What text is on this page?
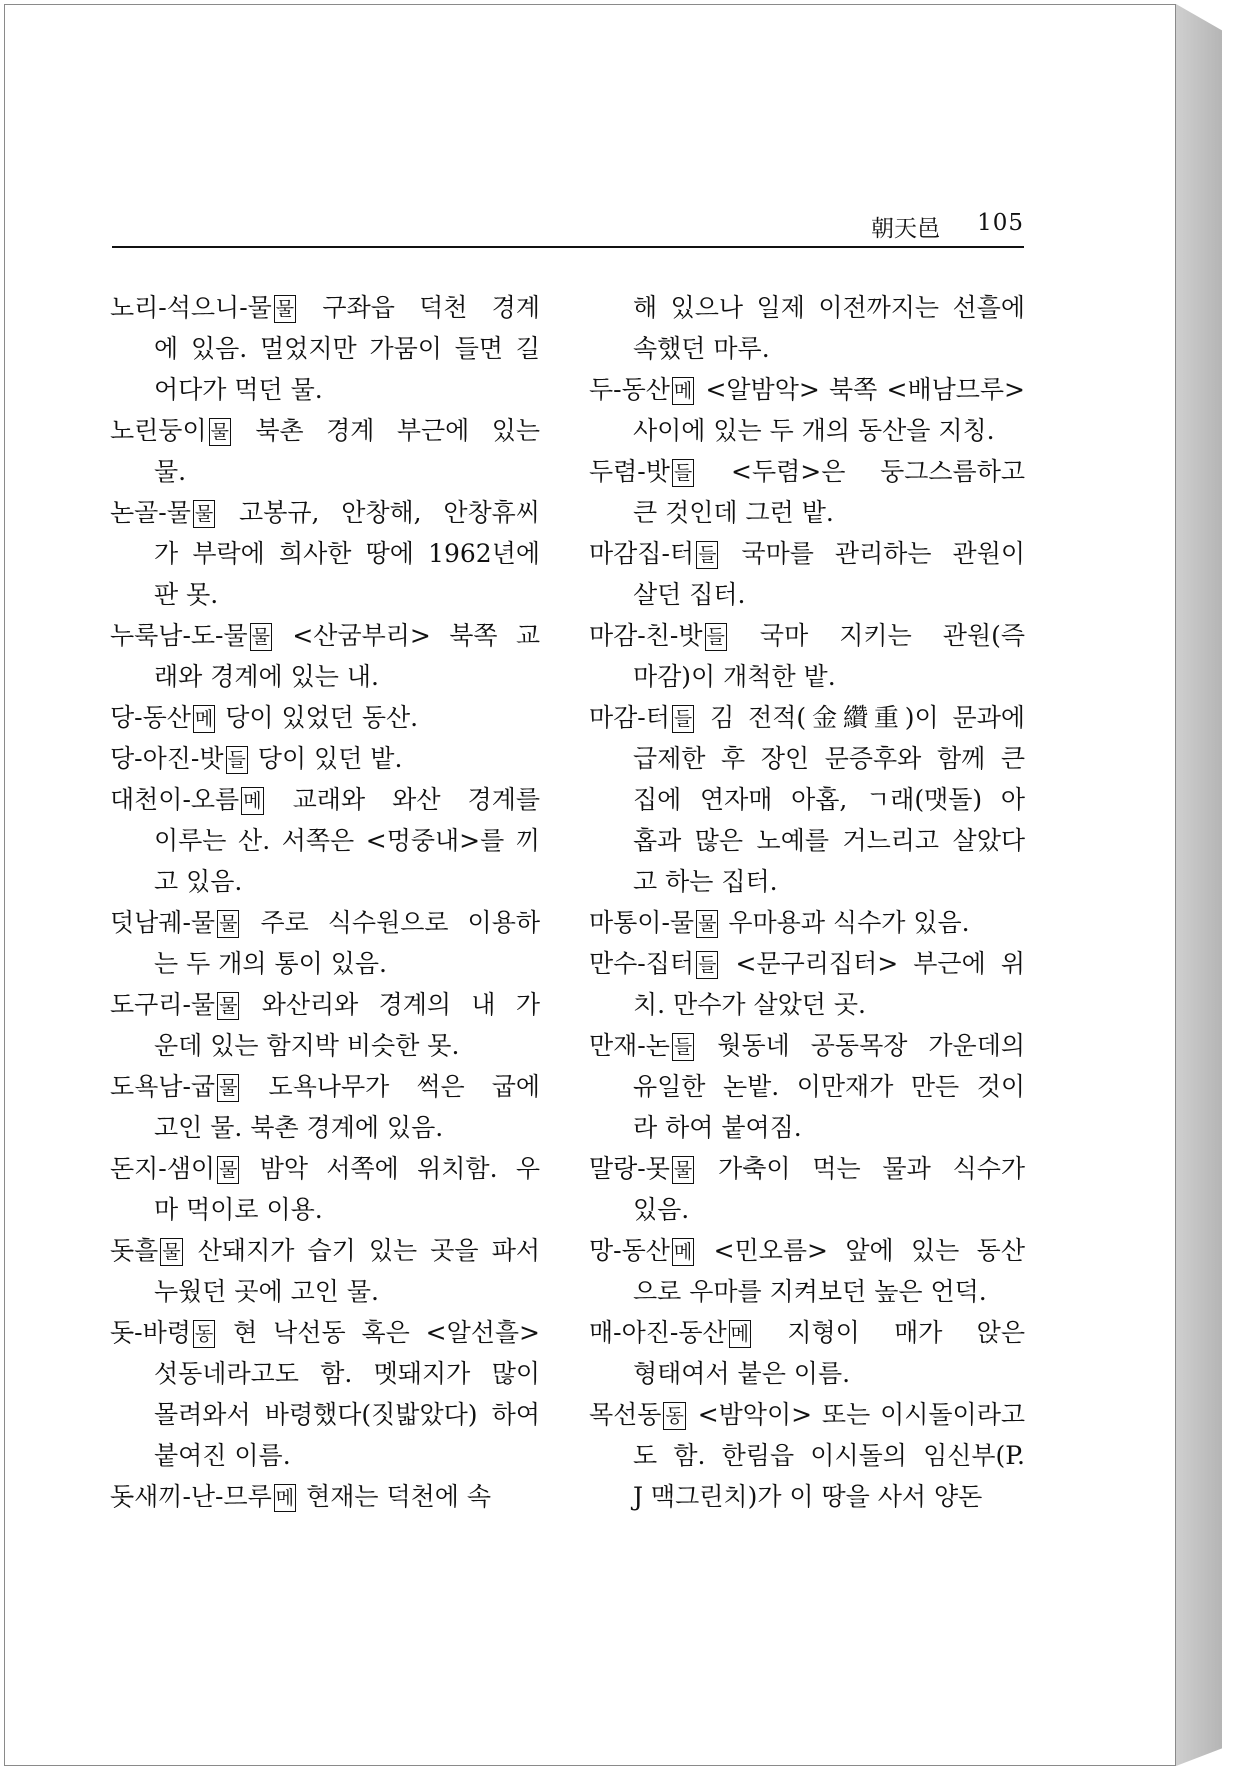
朝天邑 105
노리-석으니-물 물 구좌읍 덕천 경계
에 있음. 멀었지만 가뭄이 들면 길
어다가 먹던 물.
노린둥이 물 북촌 경계 부근에 있는
물.
논골-물 물 고봉규, 안창해, 안창휴씨
가 부락에 희사한 땅에 1962년에
판 못.
누룩남-도-물 물 <산굼부리> 북쪽 교
래와 경계에 있는 내.
당-동산 메 당이 있었던 동산.
당-아진-밧 들 당이 있던 밭.
대천이-오름 메 교래와 와산 경계를
이루는 산. 서쪽은 <멍중내>를 끼
고 있음.
덧남궤-물 물 주로 식수원으로 이용하
는 두 개의 통이 있음.
도구리-물 물 와산리와 경계의 내 가
운데 있는 함지박 비슷한 못.
도욕남-굽 물 도욕나무가 썩은 굽에
고인 물. 북촌 경계에 있음.
돈지-샘이 물 밤악 서쪽에 위치함. 우
마 먹이로 이용.
돗흘 물 산돼지가 습기 있는 곳을 파서
누웠던 곳에 고인 물.
돗-바령 동 현 낙선동 혹은 <알선흘>
섯동네라고도 함. 멧돼지가 많이
몰려와서 바령했다(짓밟았다) 하여
붙여진 이름.
돗새끼-난-므루 메 현재는 덕천에 속
해 있으나 일제 이전까지는 선흘에
속했던 마루.
두-동산 메 <알밤악> 북쪽 <배남므루>
사이에 있는 두 개의 동산을 지칭.
두렴-밧 들 <두렴>은 둥그스름하고
큰 것인데 그런 밭.
마감집-터 들 국마를 관리하는 관원이
살던 집터.
마감-친-밧 들 국마 지키는 관원(즉
마감)이 개척한 밭.
마감-터 들 김 전적(金纘重)이 문과에
급제한 후 장인 문증후와 함께 큰
집에 연자매 아홉, ㄱ래(맷돌) 아
홉과 많은 노예를 거느리고 살았다
고 하는 집터.
마통이-물 물 우마용과 식수가 있음.
만수-집터 들 <문구리집터> 부근에 위
치. 만수가 살았던 곳.
만재-논 들 웟동네 공동목장 가운데의
유일한 논밭. 이만재가 만든 것이
라 하여 붙여짐.
말랑-못 물 가축이 먹는 물과 식수가
있음.
망-동산 메 <민오름> 앞에 있는 동산
으로 우마를 지켜보던 높은 언덕.
매-아진-동산 메 지형이 매가 앉은
형태여서 붙은 이름.
목선동 동 <밤악이> 또는 이시돌이라고
도 함. 한림읍 이시돌의 임신부(P.
J 맥그린치)가 이 땅을 사서 양돈
